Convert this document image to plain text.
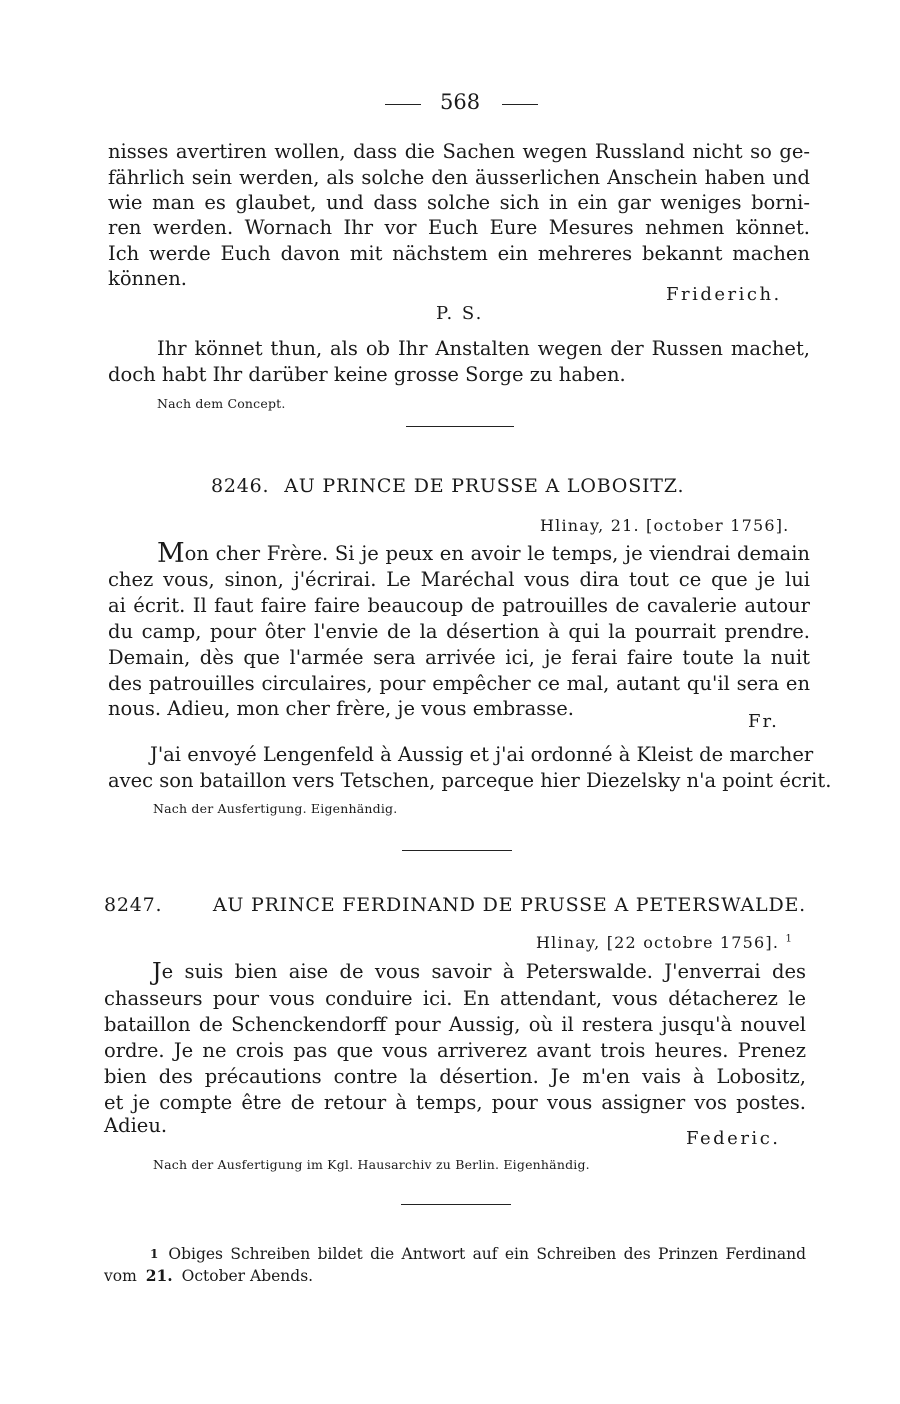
568
nisses avertiren wollen, dass die Sachen wegen Russland nicht so ge-
fährlich sein werden, als solche den äusserlichen Anschein haben und
wie man es glaubet, und dass solche sich in ein gar weniges borni-
ren werden. Wornach Ihr vor Euch Eure Mesures nehmen könnet.
Ich werde Euch davon mit nächstem ein mehreres bekannt machen
können.
Friderich.
P. S.
Ihr könnet thun, als ob Ihr Anstalten wegen der Russen machet,
doch habt Ihr darüber keine grosse Sorge zu haben.
Nach dem Concept.
8246. AU PRINCE DE PRUSSE A LOBOSITZ.
Hlinay, 21. [october 1756].
M on cher Frère. Si je peux en avoir le temps, je viendrai demain
chez vous, sinon, j'écrirai. Le Maréchal vous dira tout ce que je lui
ai écrit. Il faut faire faire beaucoup de patrouilles de cavalerie autour
du camp, pour ôter l'envie de la désertion à qui la pourrait prendre.
Demain, dès que l'armée sera arrivée ici, je ferai faire toute la nuit
des patrouilles circulaires, pour empêcher ce mal, autant qu'il sera en
nous. Adieu, mon cher frère, je vous embrasse.
Fr.
J'ai envoyé Lengenfeld à Aussig et j'ai ordonné à Kleist de marcher
avec son bataillon vers Tetschen, parceque hier Diezelsky n'a point écrit.
Nach der Ausfertigung. Eigenhändig.
8247.	AU PRINCE FERDINAND DE PRUSSE A PETERSWALDE.
Hlinay, [22 octobre 1756]. $^1$
J e suis bien aise de vous savoir à Peterswalde. J'enverrai des
chasseurs pour vous conduire ici. En attendant, vous détacherez le
bataillon de Schenckendorff pour Aussig, où il restera jusqu'à nouvel
ordre. Je ne crois pas que vous arriverez avant trois heures. Prenez
bien des précautions contre la désertion. Je m'en vais à Lobositz,
et je compte être de retour à temps, pour vous assigner vos postes.
Adieu.
Federic.
Nach der Ausfertigung im Kgl. Hausarchiv zu Berlin. Eigenhändig.
1 Obiges Schreiben bildet die Antwort auf ein Schreiben des Prinzen Ferdinand
vom 21. October Abends.
